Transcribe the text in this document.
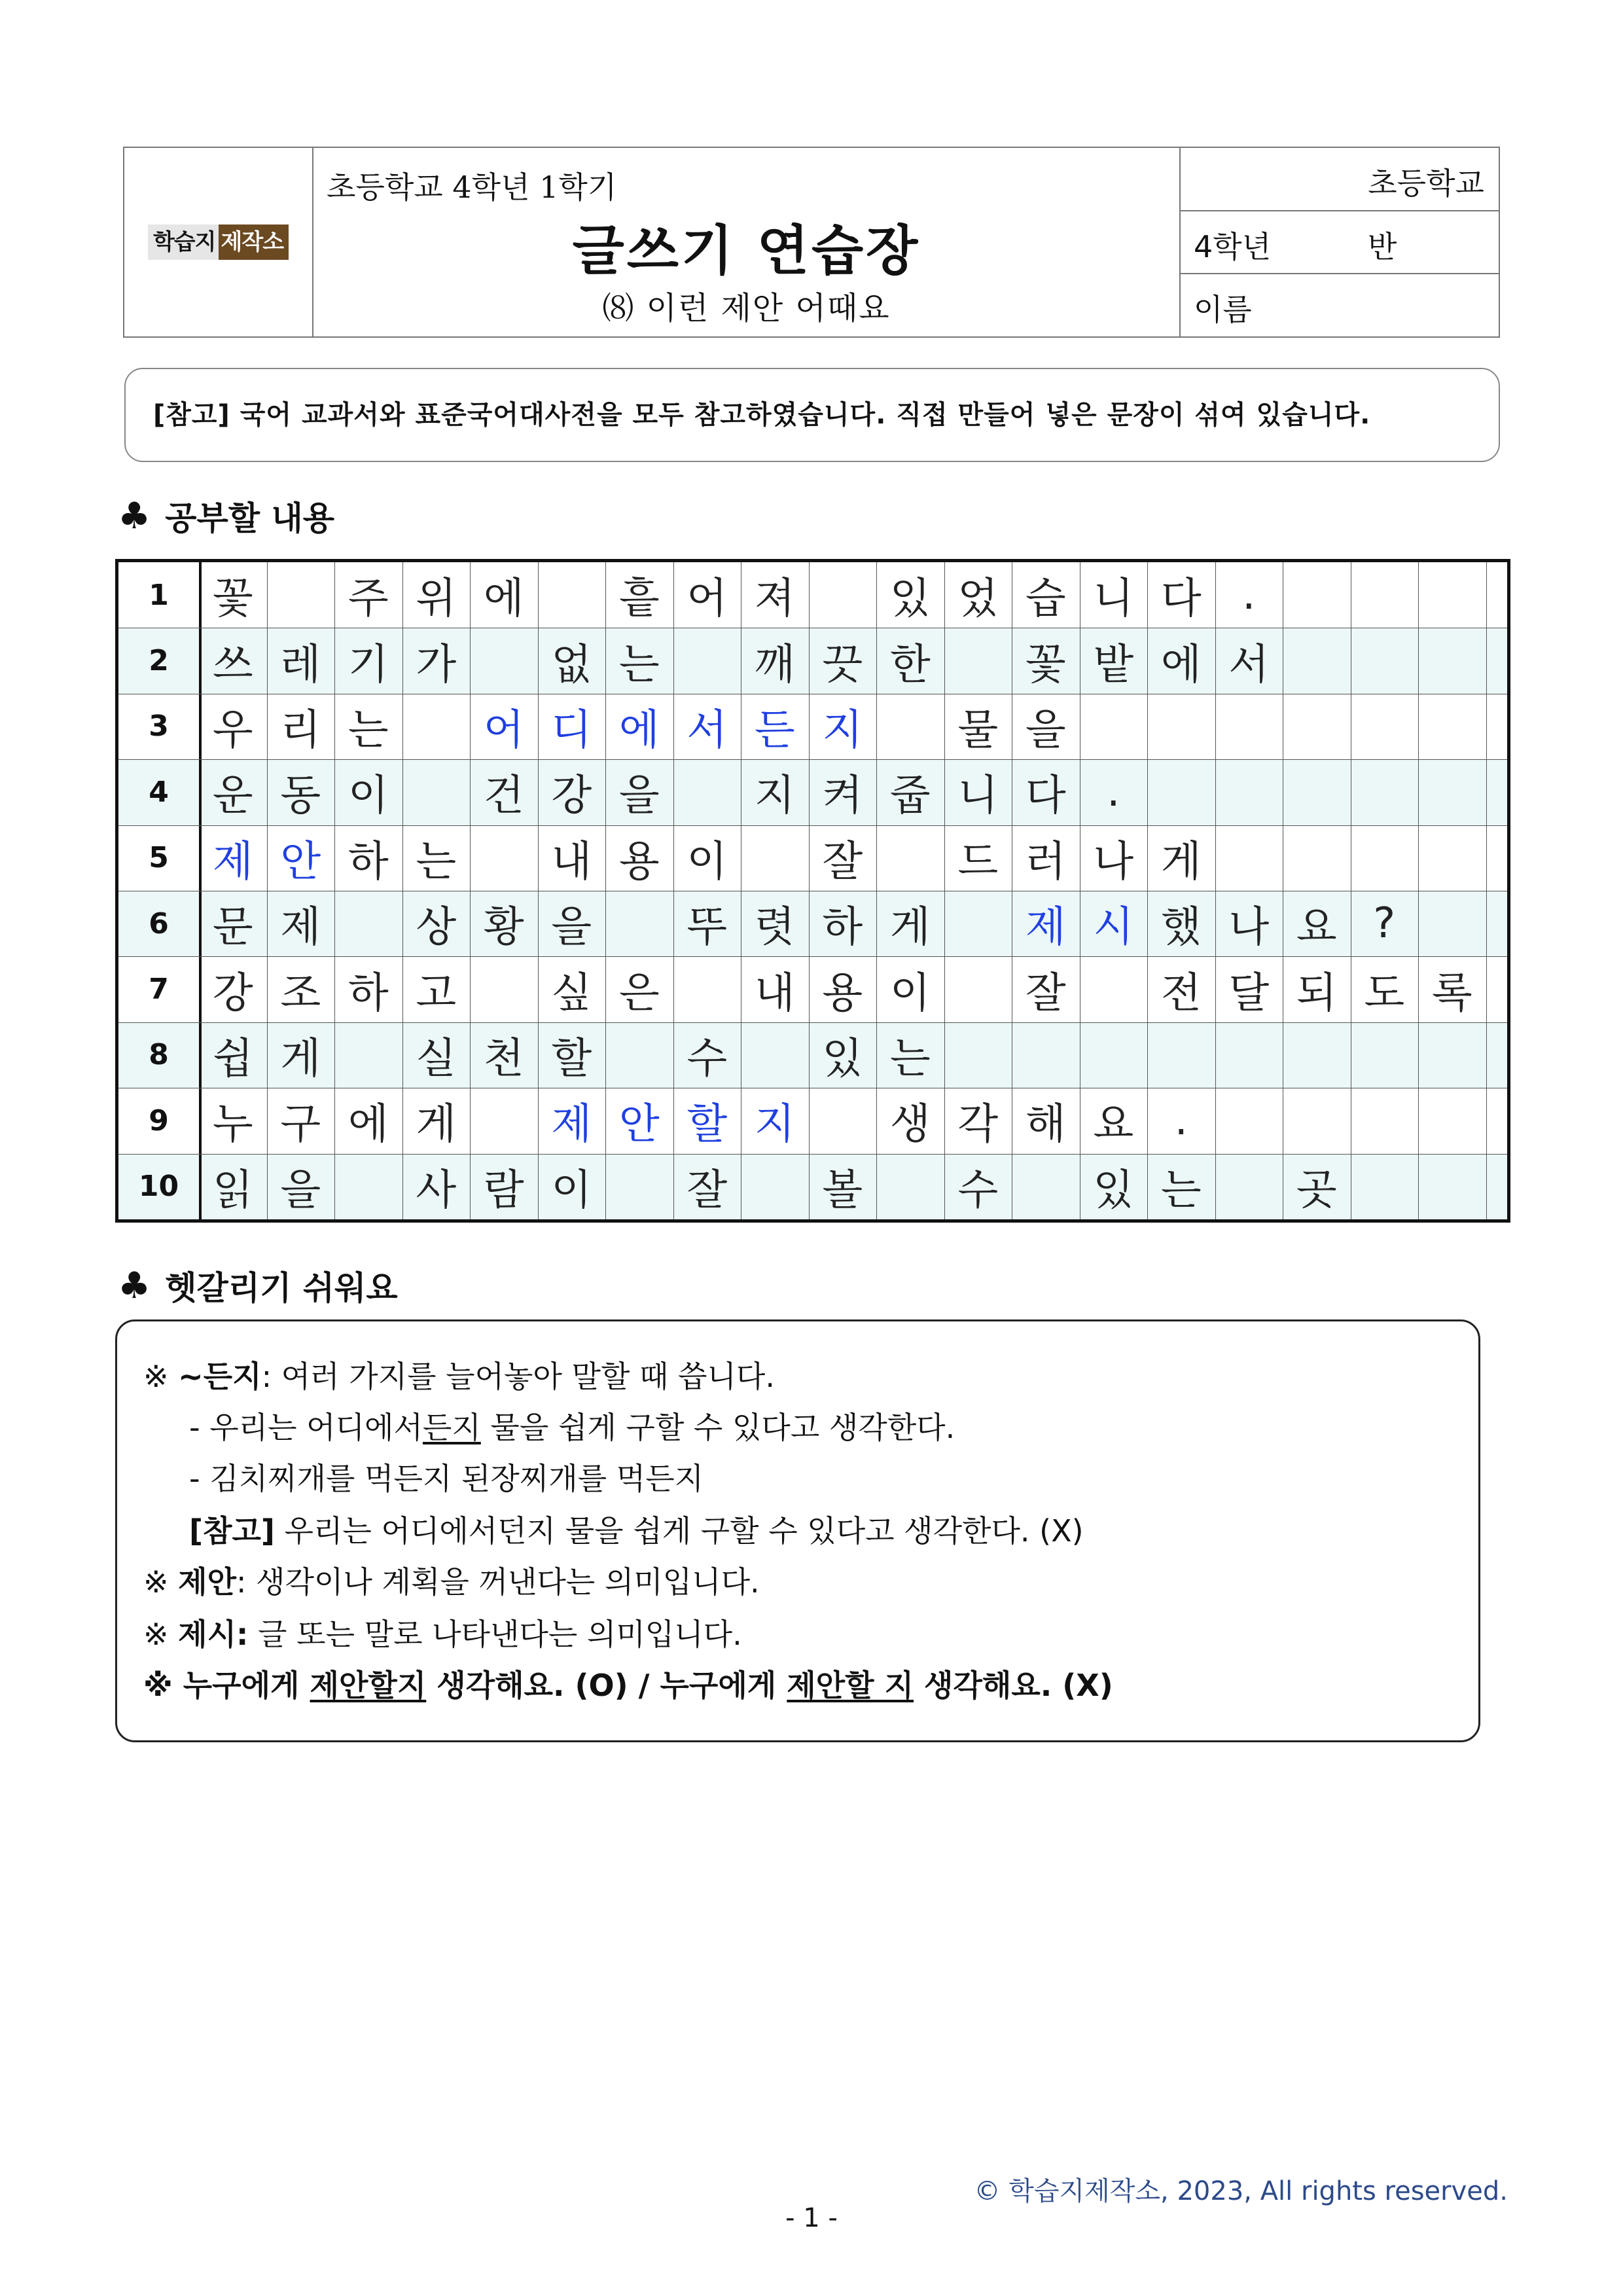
학습지 제작소
초등학교 4학년 1학기
글쓰기 연습장
⑻ 이런 제안 어때요
초등학교
4학년	반
이름
[참고] 국어 교과서와 표준국어대사전을 모두 참고하였습니다. 직접 만들어 넣은 문장이 섞여 있습니다.
♣ 공부할 내용
1	꽃	주 위 에	흩 어 져	있 었 습 니 다 .
2	쓰 레 기 가	없 는	깨 끗 한	꽃 밭 에 서
3	우 리 는	어 디 에 서 든 지	물 을
4	운 동 이	건 강 을	지 켜 줍 니 다 .
5	제 안 하 는	내 용 이	잘	드 러 나 게
6	문 제	상 황 을	뚜 렷 하 게	제 시 했 나 요 ?
7	강 조 하 고	싶 은	내 용 이	잘	전 달 되 도 록
8	쉽 게	실 천 할	수	있 는
9	누 구 에 게	제 안 할 지	생 각 해 요 .
10 읽 을	사 람 이	잘	볼	수	있 는	곳
♣ 헷갈리기 쉬워요
※ ~든지: 여러 가지를 늘어놓아 말할 때 씁니다.
- 우리는 어디에서든지 물을 쉽게 구할 수 있다고 생각한다.
- 김치찌개를 먹든지 된장찌개를 먹든지
[참고] 우리는 어디에서던지 물을 쉽게 구할 수 있다고 생각한다. (X)
※ 제안: 생각이나 계획을 꺼낸다는 의미입니다.
※ 제시: 글 또는 말로 나타낸다는 의미입니다.
※ 누구에게 제안할지 생각해요. (O) / 누구에게 제안할 지 생각해요. (X)
© 학습지제작소, 2023, All rights reserved.
- 1 -
